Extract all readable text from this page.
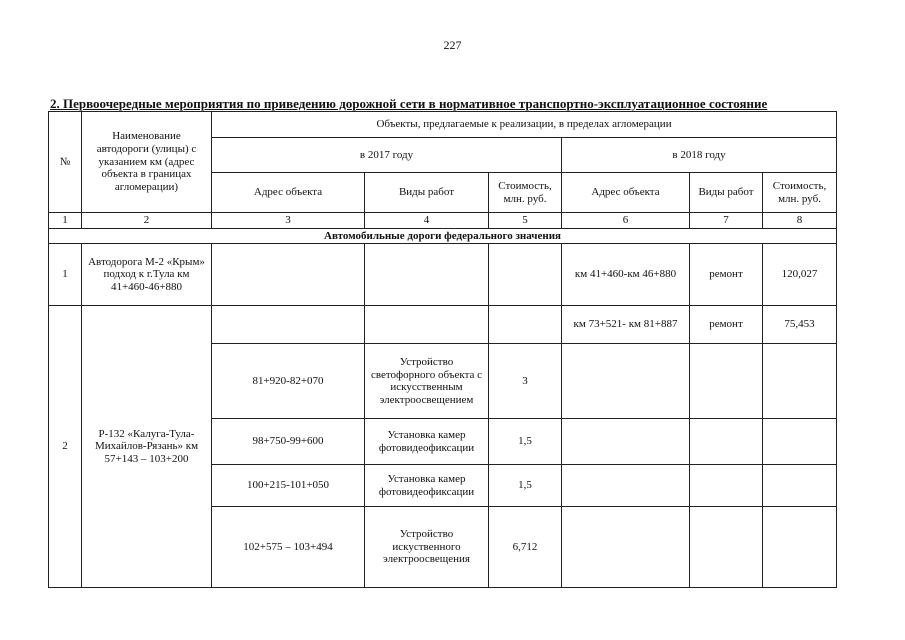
227
2. Первоочередные мероприятия по приведению дорожной сети в нормативное транспортно-эксплуатационное состояние
№	Наименование автодороги (улицы) с указанием км (адрес объекта в границах агломерации)	Объекты, предлагаемые к реализации, в пределах агломерации					
		в 2017 году			в 2018 году		
		Адрес объекта	Виды работ	Стоимость, млн. руб.	Адрес объекта	Виды работ	Стоимость, млн. руб.
1	2	3	4	5	6	7	8
Автомобильные дороги федерального значения							
1	Автодорога М-2 «Крым» подход к г.Тула км 41+460-46+880				км 41+460-км 46+880	ремонт	120,027
2	Р-132 «Калуга-Тула-Михайлов-Рязань» км 57+143 – 103+200				км 73+521- км 81+887	ремонт	75,453
		81+920-82+070	Устройство светофорного объекта с искусственным электроосвещением	3			
		98+750-99+600	Установка камер фотовидеофиксации	1,5			
		100+215-101+050	Установка камер фотовидеофиксации	1,5			
		102+575 – 103+494	Устройство искуственного электроосвещения	6,712			
